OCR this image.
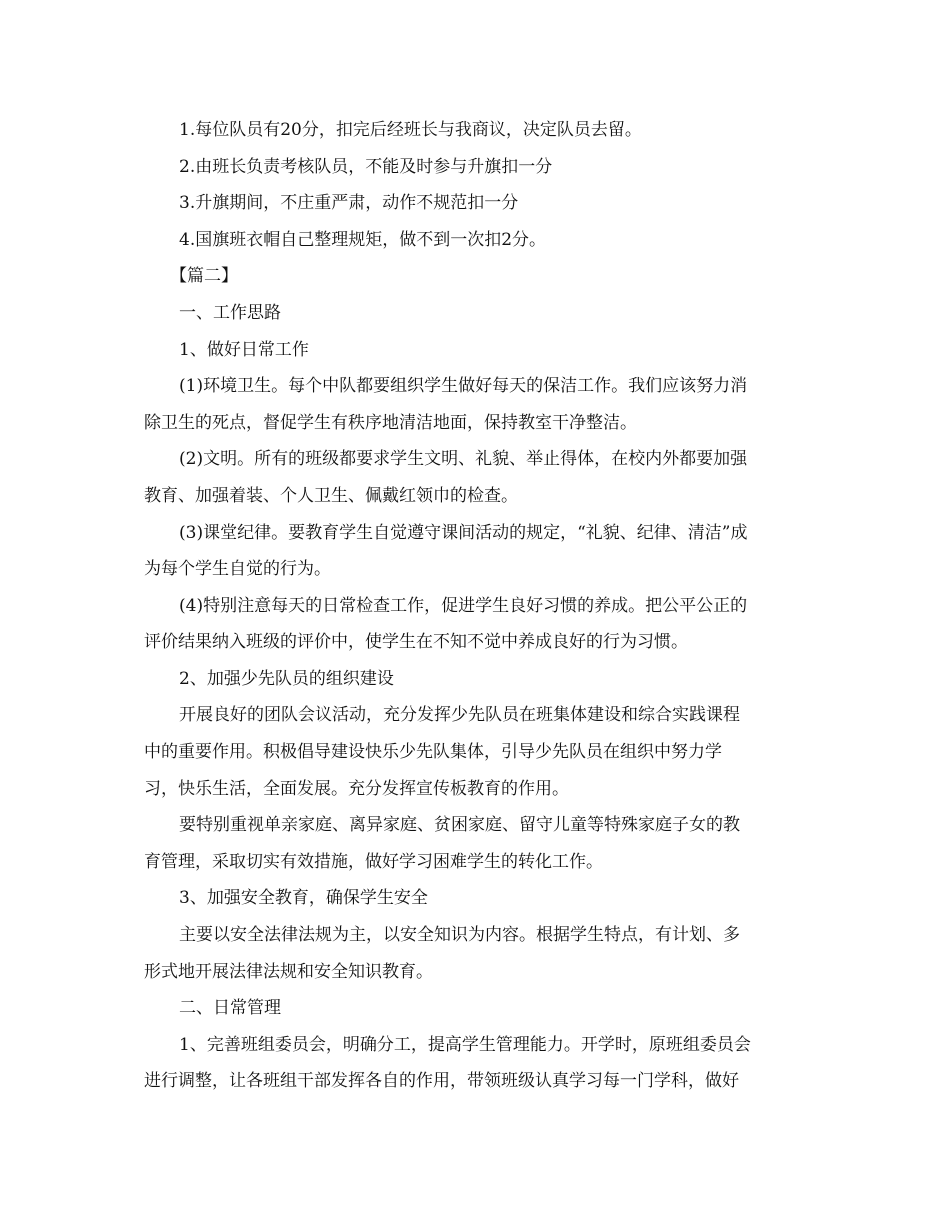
1.每位队员有20分，扣完后经班长与我商议，决定队员去留。
2.由班长负责考核队员，不能及时参与升旗扣一分
3.升旗期间，不庄重严肃，动作不规范扣一分
4.国旗班衣帽自己整理规矩，做不到一次扣2分。
【篇二】
一、工作思路
1、做好日常工作
(1)环境卫生。每个中队都要组织学生做好每天的保洁工作。我们应该努力消
除卫生的死点，督促学生有秩序地清洁地面，保持教室干净整洁。
(2)文明。所有的班级都要求学生文明、礼貌、举止得体，在校内外都要加强
教育、加强着装、个人卫生、佩戴红领巾的检查。
(3)课堂纪律。要教育学生自觉遵守课间活动的规定，“礼貌、纪律、清洁”成
为每个学生自觉的行为。
(4)特别注意每天的日常检查工作，促进学生良好习惯的养成。把公平公正的
评价结果纳入班级的评价中，使学生在不知不觉中养成良好的行为习惯。
2、加强少先队员的组织建设
开展良好的团队会议活动，充分发挥少先队员在班集体建设和综合实践课程
中的重要作用。积极倡导建设快乐少先队集体，引导少先队员在组织中努力学
习，快乐生活，全面发展。充分发挥宣传板教育的作用。
要特别重视单亲家庭、离异家庭、贫困家庭、留守儿童等特殊家庭子女的教
育管理，采取切实有效措施，做好学习困难学生的转化工作。
3、加强安全教育，确保学生安全
主要以安全法律法规为主，以安全知识为内容。根据学生特点，有计划、多
形式地开展法律法规和安全知识教育。
二、日常管理
1、完善班组委员会，明确分工，提高学生管理能力。开学时，原班组委员会
进行调整，让各班组干部发挥各自的作用，带领班级认真学习每一门学科，做好
